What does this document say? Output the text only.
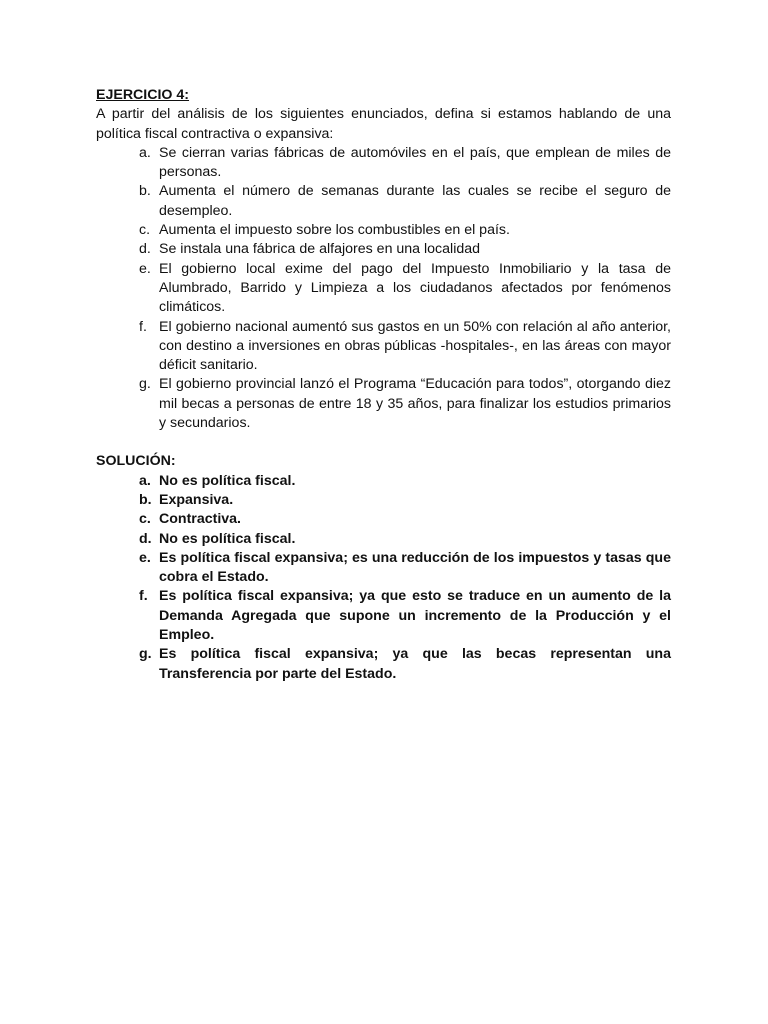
EJERCICIO 4:

A partir del análisis de los siguientes enunciados, defina si estamos hablando de una política fiscal contractiva o expansiva:

a. Se cierran varias fábricas de automóviles en el país, que emplean de miles de personas.
b. Aumenta el número de semanas durante las cuales se recibe el seguro de desempleo.
c. Aumenta el impuesto sobre los combustibles en el país.
d. Se instala una fábrica de alfajores en una localidad
e. El gobierno local exime del pago del Impuesto Inmobiliario y la tasa de Alumbrado, Barrido y Limpieza a los ciudadanos afectados por fenómenos climáticos.
f. El gobierno nacional aumentó sus gastos en un 50% con relación al año anterior, con destino a inversiones en obras públicas -hospitales-, en las áreas con mayor déficit sanitario.
g. El gobierno provincial lanzó el Programa “Educación para todos”, otorgando diez mil becas a personas de entre 18 y 35 años, para finalizar los estudios primarios y secundarios.

SOLUCIÓN:

a. No es política fiscal.
b. Expansiva.
c. Contractiva.
d. No es política fiscal.
e. Es política fiscal expansiva; es una reducción de los impuestos y tasas que cobra el Estado.
f. Es política fiscal expansiva; ya que esto se traduce en un aumento de la Demanda Agregada que supone un incremento de la Producción y el Empleo.
g. Es política fiscal expansiva; ya que las becas representan una Transferencia por parte del Estado.
